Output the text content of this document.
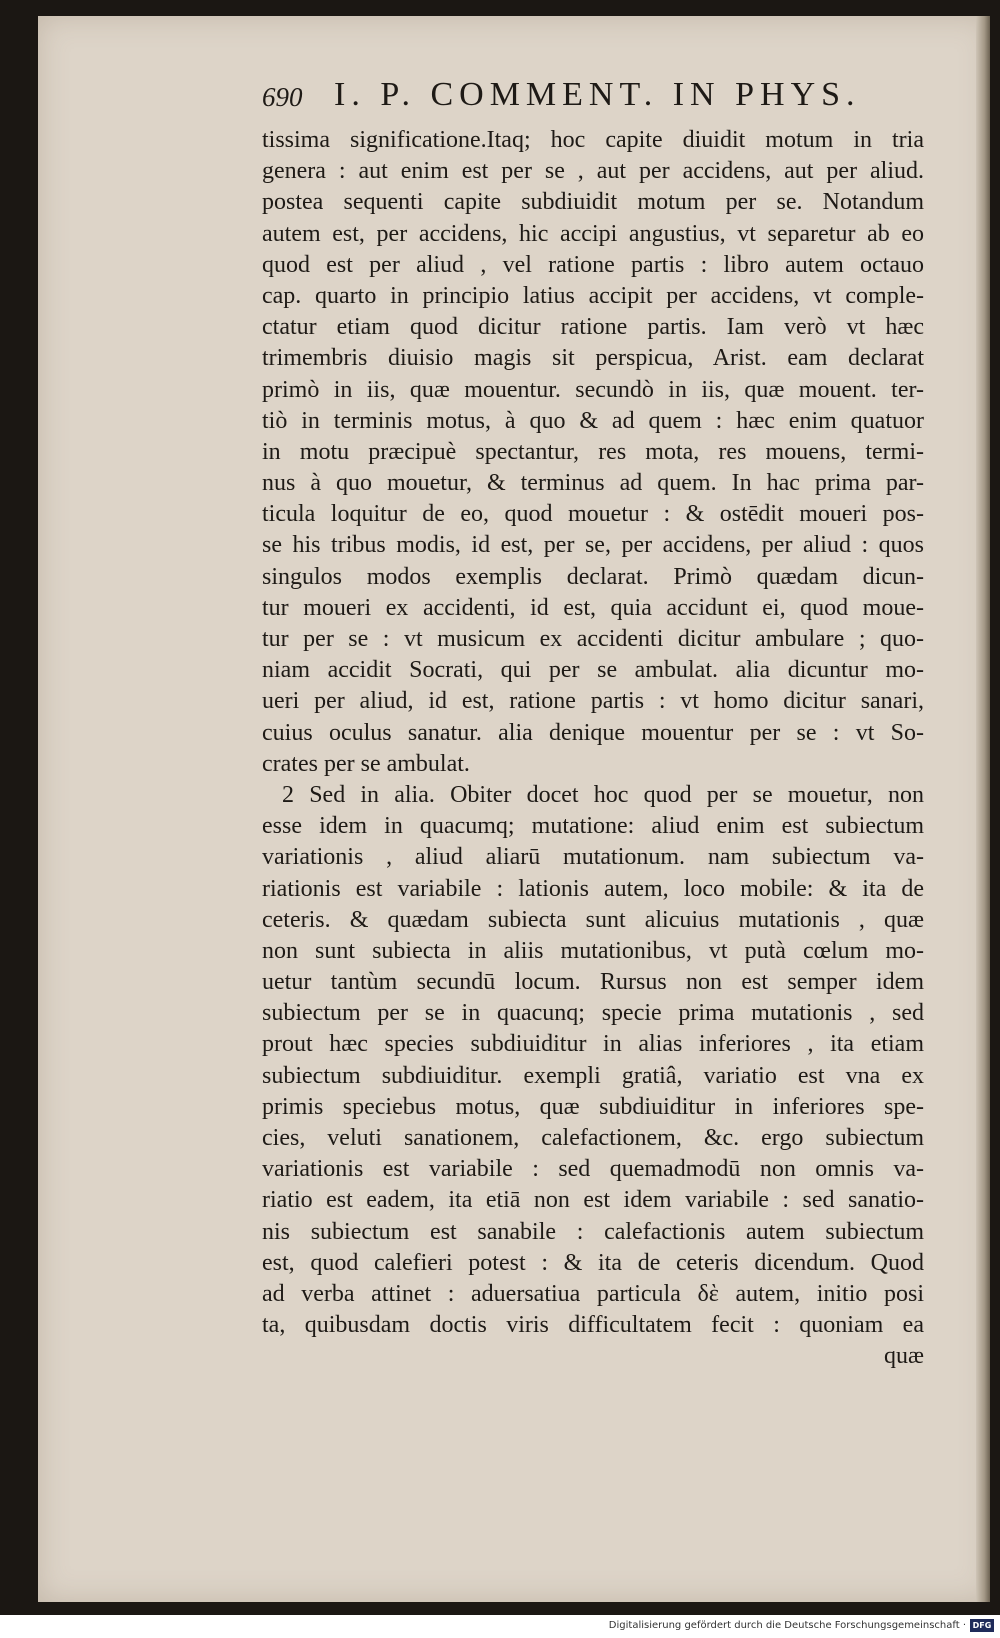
690 I. P. COMMENT. IN PHYS.
tissima significatione.Itaq; hoc capite diuidit motum in tria
genera : aut enim est per se , aut per accidens, aut per aliud.
postea sequenti capite subdiuidit motum per se. Notandum
autem est, per accidens, hic accipi angustius, vt separetur ab eo
quod est per aliud , vel ratione partis : libro autem octauo
cap. quarto in principio latius accipit per accidens, vt comple-
ctatur etiam quod dicitur ratione partis. Iam verò vt hæc
trimembris diuisio magis sit perspicua, Arist. eam declarat
primò in iis, quæ mouentur. secundò in iis, quæ mouent. ter-
tiò in terminis motus, à quo & ad quem : hæc enim quatuor
in motu præcipuè spectantur, res mota, res mouens, termi-
nus à quo mouetur, & terminus ad quem. In hac prima par-
ticula loquitur de eo, quod mouetur : & ostēdit moueri pos-
se his tribus modis, id est, per se, per accidens, per aliud : quos
singulos modos exemplis declarat. Primò quædam dicun-
tur moueri ex accidenti, id est, quia accidunt ei, quod moue-
tur per se : vt musicum ex accidenti dicitur ambulare ; quo-
niam accidit Socrati, qui per se ambulat. alia dicuntur mo-
ueri per aliud, id est, ratione partis : vt homo dicitur sanari,
cuius oculus sanatur. alia denique mouentur per se : vt So-
crates per se ambulat.
2 Sed in alia. Obiter docet hoc quod per se mouetur, non
esse idem in quacumq; mutatione: aliud enim est subiectum
variationis , aliud aliarū mutationum. nam subiectum va-
riationis est variabile : lationis autem, loco mobile: & ita de
ceteris. & quædam subiecta sunt alicuius mutationis , quæ
non sunt subiecta in aliis mutationibus, vt putà cœlum mo-
uetur tantùm secundū locum. Rursus non est semper idem
subiectum per se in quacunq; specie prima mutationis , sed
prout hæc species subdiuiditur in alias inferiores , ita etiam
subiectum subdiuiditur. exempli gratiâ, variatio est vna ex
primis speciebus motus, quæ subdiuiditur in inferiores spe-
cies, veluti sanationem, calefactionem, &c. ergo subiectum
variationis est variabile : sed quemadmodū non omnis va-
riatio est eadem, ita etiā non est idem variabile : sed sanatio-
nis subiectum est sanabile : calefactionis autem subiectum
est, quod calefieri potest : & ita de ceteris dicendum. Quod
ad verba attinet : aduersatiua particula δὲ autem, initio posi
ta, quibusdam doctis viris difficultatem fecit : quoniam ea
quæ
Digitalisierung gefördert durch die Deutsche Forschungsgemeinschaft · DFG
